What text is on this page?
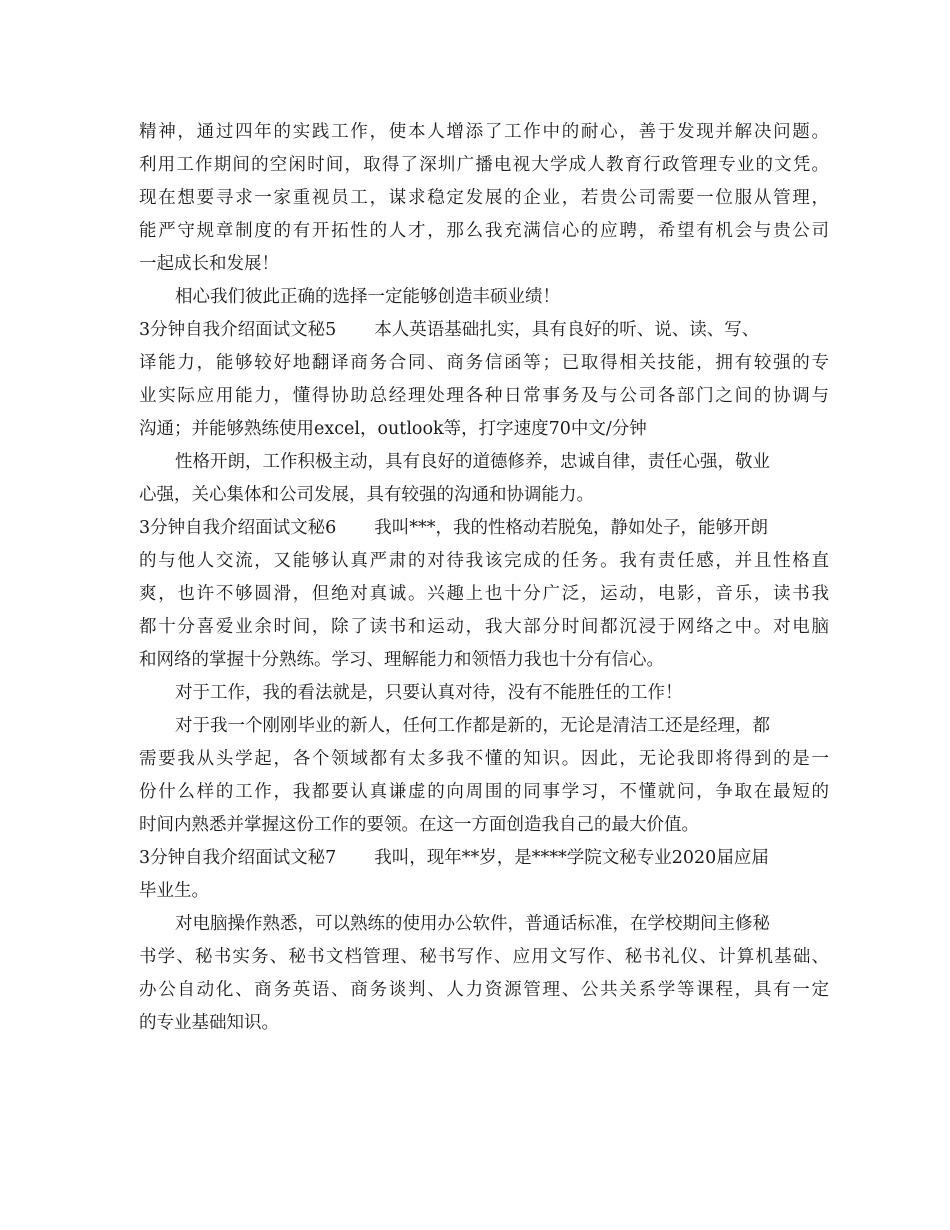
精神，通过四年的实践工作，使本人增添了工作中的耐心，善于发现并解决问题。
利用工作期间的空闲时间，取得了深圳广播电视大学成人教育行政管理专业的文凭。
现在想要寻求一家重视员工，谋求稳定发展的企业，若贵公司需要一位服从管理，
能严守规章制度的有开拓性的人才，那么我充满信心的应聘，希望有机会与贵公司
一起成长和发展！
相心我们彼此正确的选择一定能够创造丰硕业绩！
3分钟自我介绍面试文秘5 本人英语基础扎实，具有良好的听、说、读、写、
译能力，能够较好地翻译商务合同、商务信函等；已取得相关技能，拥有较强的专
业实际应用能力，懂得协助总经理处理各种日常事务及与公司各部门之间的协调与
沟通；并能够熟练使用excel，outlook等，打字速度70中文/分钟
性格开朗，工作积极主动，具有良好的道德修养，忠诚自律，责任心强，敬业
心强，关心集体和公司发展，具有较强的沟通和协调能力。
3分钟自我介绍面试文秘6 我叫***，我的性格动若脱兔，静如处子，能够开朗
的与他人交流，又能够认真严肃的对待我该完成的任务。我有责任感，并且性格直
爽，也许不够圆滑，但绝对真诚。兴趣上也十分广泛，运动，电影，音乐，读书我
都十分喜爱业余时间，除了读书和运动，我大部分时间都沉浸于网络之中。对电脑
和网络的掌握十分熟练。学习、理解能力和领悟力我也十分有信心。
对于工作，我的看法就是，只要认真对待，没有不能胜任的工作！
对于我一个刚刚毕业的新人，任何工作都是新的，无论是清洁工还是经理，都
需要我从头学起，各个领域都有太多我不懂的知识。因此，无论我即将得到的是一
份什么样的工作，我都要认真谦虚的向周围的同事学习，不懂就问，争取在最短的
时间内熟悉并掌握这份工作的要领。在这一方面创造我自己的最大价值。
3分钟自我介绍面试文秘7 我叫，现年**岁，是****学院文秘专业2020届应届
毕业生。
对电脑操作熟悉，可以熟练的使用办公软件，普通话标准，在学校期间主修秘
书学、秘书实务、秘书文档管理、秘书写作、应用文写作、秘书礼仪、计算机基础、
办公自动化、商务英语、商务谈判、人力资源管理、公共关系学等课程，具有一定
的专业基础知识。
